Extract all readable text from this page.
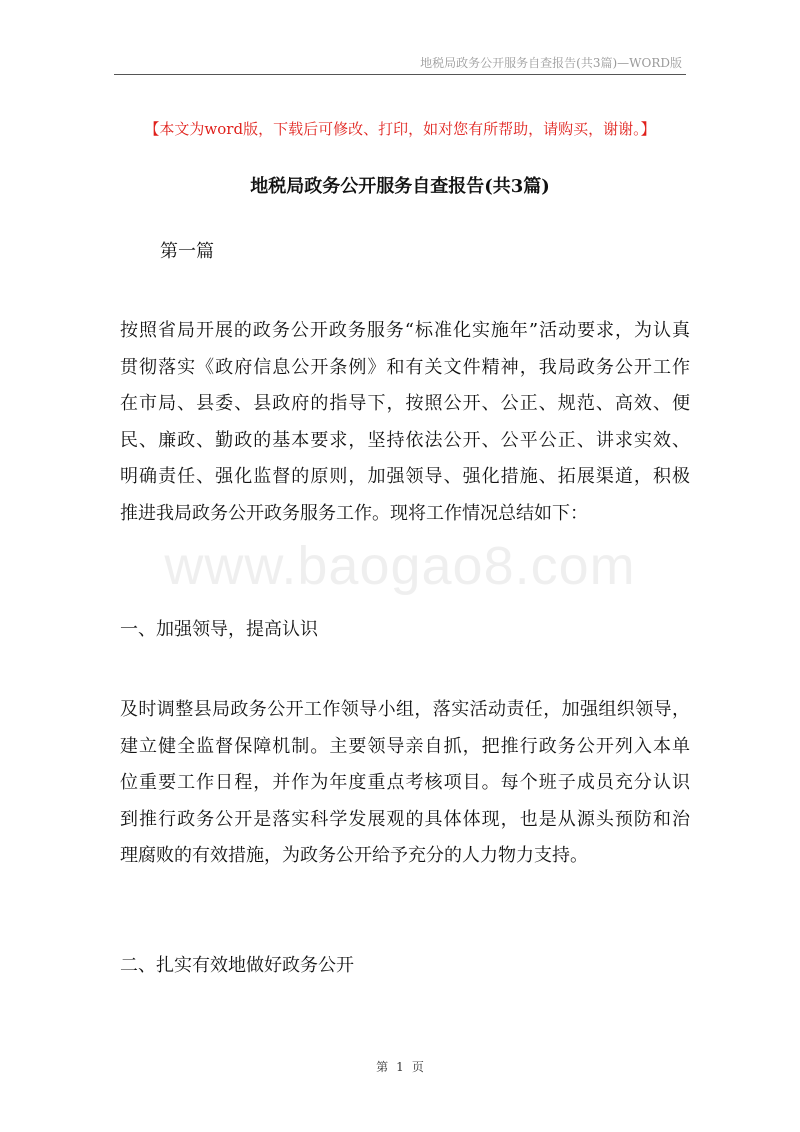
地税局政务公开服务自查报告(共3篇)—WORD版
【本文为word版，下载后可修改、打印，如对您有所帮助，请购买，谢谢。】
地税局政务公开服务自查报告(共3篇)
第一篇
按照省局开展的政务公开政务服务“标准化实施年”活动要求，为认真
贯彻落实《政府信息公开条例》和有关文件精神，我局政务公开工作
在市局、县委、县政府的指导下，按照公开、公正、规范、高效、便
民、廉政、勤政的基本要求，坚持依法公开、公平公正、讲求实效、
明确责任、强化监督的原则，加强领导、强化措施、拓展渠道，积极
推进我局政务公开政务服务工作。现将工作情况总结如下：
www.baogao8.com
一、加强领导，提高认识
及时调整县局政务公开工作领导小组，落实活动责任，加强组织领导，
建立健全监督保障机制。主要领导亲自抓，把推行政务公开列入本单
位重要工作日程，并作为年度重点考核项目。每个班子成员充分认识
到推行政务公开是落实科学发展观的具体体现，也是从源头预防和治
理腐败的有效措施，为政务公开给予充分的人力物力支持。
二、扎实有效地做好政务公开
第 1 页
